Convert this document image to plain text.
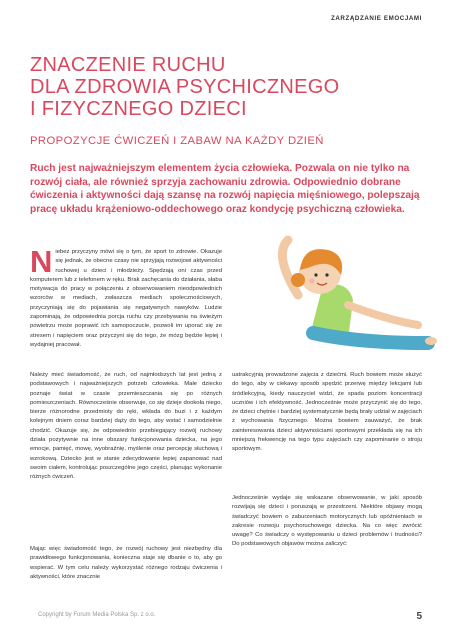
ZARZĄDZANIE EMOCJAMI
ZNACZENIE RUCHU
DLA ZDROWIA PSYCHICZNEGO
I FIZYCZNEGO DZIECI
PROPOZYCJE ĆWICZEŃ I ZABAW NA KAŻDY DZIEŃ
Ruch jest najważniejszym elementem życia człowieka. Pozwala on nie tylko na rozwój ciała, ale również sprzyja zachowaniu zdrowia. Odpowiednio dobrane ćwiczenia i aktywności dają szansę na rozwój napięcia mięśniowego, polepszają pracę układu krążeniowo-oddechowego oraz kondycję psychiczną człowieka.
Niebez przyczyny mówi się o tym, że sport to zdrowie. Okazuje się jednak, że obecne czasy nie sprzyjają rozwojowi aktywności ruchowej u dzieci i młodzieży. Spędzają oni czas przed komputerem lub z telefonem w ręku. Brak zachęcania do działania, słaba motywacja do pracy w połączeniu z obserwowaniem nieodpowiednich wzorców w mediach, zwłaszcza mediach społecznościowych, przyczyniają się do pojawiania się negatywnych nawyków. Ludzie zapominają, że odpowiednia porcja ruchu czy przebywania na świeżym powietrzu może poprawić ich samopoczucie, pozwoli im uporać się ze stresem i napięciem oraz przyczyni się do tego, że mózg będzie lepiej i wydajniej pracował.
Należy mieć świadomość, że ruch, od najmłodszych lat jest jedną z podstawowych i najważniejszych potrzeb człowieka. Małe dziecko poznaje świat w czasie przemieszczania się po różnych pomieszczeniach. Równocześnie obserwuje, co się dzieje dookoła niego, bierze różnorodne przedmioty do ręki, wkłada do buzi i z każdym kolejnym dniem coraz bardziej dąży do tego, aby wstać i samodzielnie chodzić. Okazuje się, że odpowiednio przebiegający rozwój ruchowy działa pozytywnie na inne obszary funkcjonowania dziecka, na jego emocje, pamięć, mowę, wyobraźnię, myślenie oraz percepcję słuchową i wzrokową. Dziecko jest w stanie zdecydowanie lepiej zapanować nad swoim ciałem, kontrolując poszczególne jego części, planując wykonanie różnych ćwiczeń.
Mając więc świadomość tego, że rozwój ruchowy jest niezbędny dla prawidłowego funkcjonowania, konieczna staje się dbanie o to, aby go wspierać. W tym celu należy wykorzystać różnego rodzaju ćwiczenia i aktywności, które znacznie
uatrakcyjnią prowadzone zajęcia z dziećmi. Ruch bowiem może służyć do tego, aby w ciekawy sposób spędzić przerwę między lekcjami lub śródlekcyjną, kiedy nauczyciel widzi, że spada poziom koncentracji uczniów i ich efektywność. Jednocześnie może przyczynić się do tego, że dzieci chętnie i bardziej systematycznie będą brały udział w zajęciach z wychowania fizycznego. Można bowiem zauważyć, że brak zainteresowania dzieci aktywnościami sportowymi przekłada się na ich mniejszą frekwencję na tego typu zajęciach czy zapominanie o stroju sportowym.
Jednocześnie wydaje się wskazane obserwowanie, w jaki sposób rozwijają się dzieci i poruszają w przestrzeni. Niektóre objawy mogą świadczyć bowiem o zaburzeniach motorycznych lub opóźnieniach w zakresie rozwoju psychoruchowego dziecka. Na co więc zwrócić uwagę? Co świadczy o występowaniu u dzieci problemów i trudności? Do podstawowych objawów można zaliczyć:
Copyright by Forum Media Polska Sp. z o.o.	5
